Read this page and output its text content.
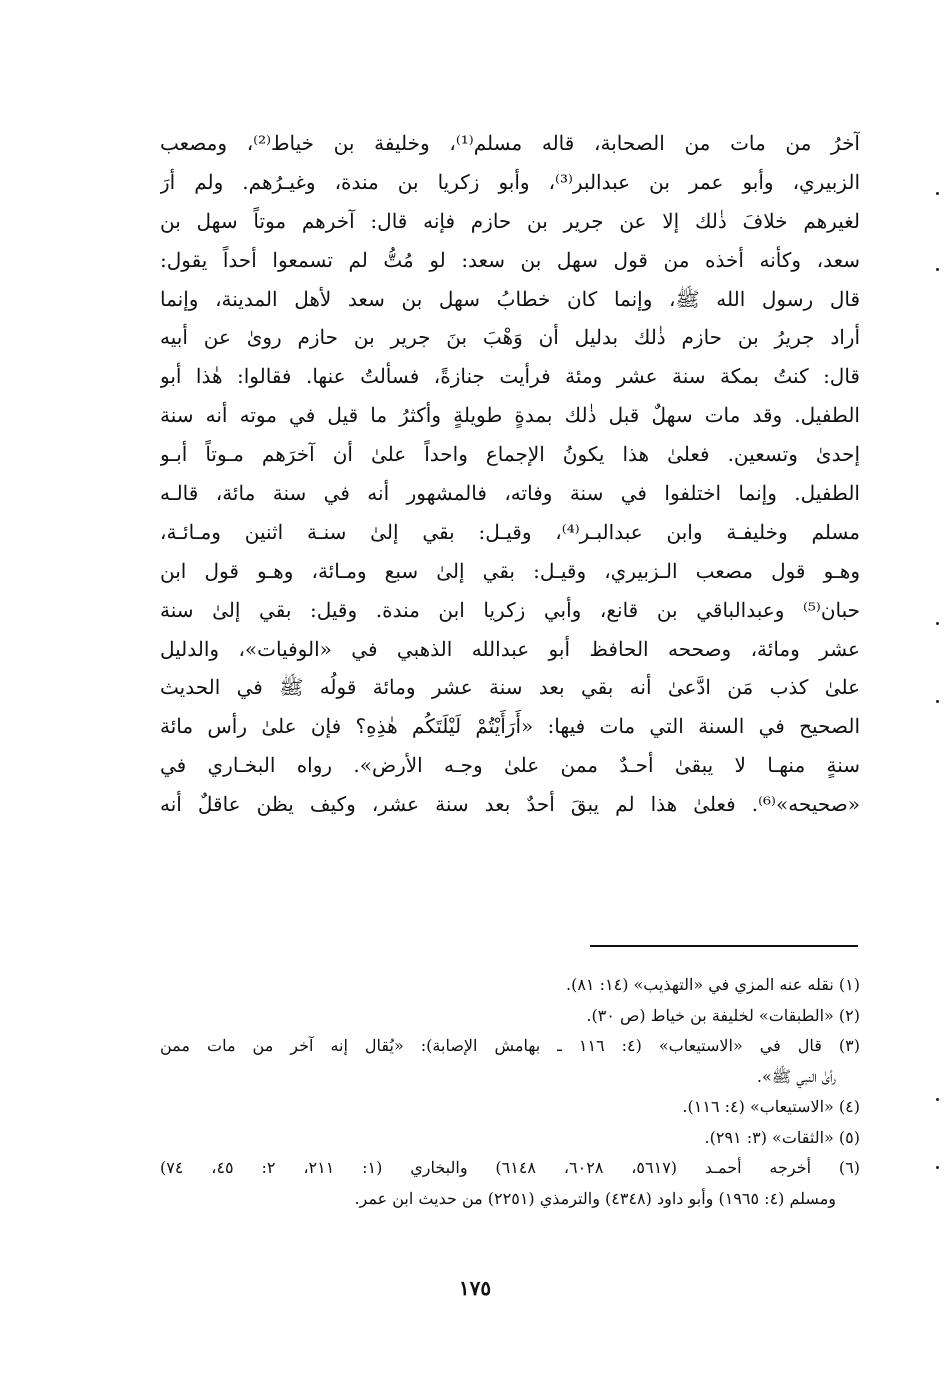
آخرُ من مات من الصحابة، قاله مسلم⁽¹⁾، وخليفة بن خياط⁽²⁾، ومصعب
الزبيري، وأبو عمر بن عبدالبر⁽³⁾، وأبو زكريا بن مندة، وغيـرُهم. ولم أرَ
لغيرهم خلافَ ذٰلك إلا عن جرير بن حازم فإنه قال: آخرهم موتاً سهل بن
سعد، وكأنه أخذه من قول سهل بن سعد: لو مُتُّ لم تسمعوا أحداً يقول:
قال رسول الله ﷺ، وإنما كان خطابُ سهل بن سعد لأهل المدينة، وإنما
أراد جريرُ بن حازم ذٰلك بدليل أن وَهْبَ بنَ جرير بن حازم روىٰ عن أبيه
قال: كنتُ بمكة سنة عشر ومئة فرأيت جنازةً، فسألتُ عنها. فقالوا: هٰذا أبو
الطفيل. وقد مات سهلٌ قبل ذٰلك بمدةٍ طويلةٍ وأكثرُ ما قيل في موته أنه سنة
إحدىٰ وتسعين. فعلىٰ هذا يكونُ الإجماع واحداً علىٰ أن آخرَهم مـوتاً أبـو
الطفيل. وإنما اختلفوا في سنة وفاته، فالمشهور أنه في سنة مائة، قالـه
مسلم وخليفـة وابن عبدالبـر⁽⁴⁾، وقيـل: بقي إلىٰ سنـة اثنين ومـائـة،
وهـو قول مصعب الـزبيري، وقيـل: بقي إلىٰ سبع ومـائة، وهـو قول ابن
حبان⁽⁵⁾ وعبدالباقي بن قانع، وأبي زكريا ابن مندة. وقيل: بقي إلىٰ سنة
عشر ومائة، وصححه الحافظ أبو عبدالله الذهبي في «الوفيات»، والدليل
علىٰ كذب مَن ادَّعىٰ أنه بقي بعد سنة عشر ومائة قولُه ﷺ في الحديث
الصحيح في السنة التي مات فيها: «أَرَأَيْتُمْ لَيْلَتَكُم هٰذِهِ؟ فإن علىٰ رأس مائة
سنةٍ منهـا لا يبقىٰ أحـدٌ ممن علىٰ وجـه الأرض». رواه البخـاري في
«صحيحه»⁽⁶⁾. فعلىٰ هذا لم يبقَ أحدٌ بعد سنة عشر، وكيف يظن عاقلٌ أنه
(١) نقله عنه المزي في «التهذيب» (١٤: ٨١).
(٢) «الطبقات» لخليفة بن خياط (ص ٣٠).
(٣) قال في «الاستيعاب» (٤: ١١٦ ـ بهامش الإصابة): «يُقال إنه آخر من مات ممن
رأىٰ النبي ﷺ».
(٤) «الاستيعاب» (٤: ١١٦).
(٥) «الثقات» (٣: ٢٩١).
(٦) أخرجه أحمـد (٥٦١٧، ٦٠٢٨، ٦١٤٨) والبخاري (١: ٢١١، ٢: ٤٥، ٧٤)
ومسلم (٤: ١٩٦٥) وأبو داود (٤٣٤٨) والترمذي (٢٢٥١) من حديث ابن عمر.
١٧٥
